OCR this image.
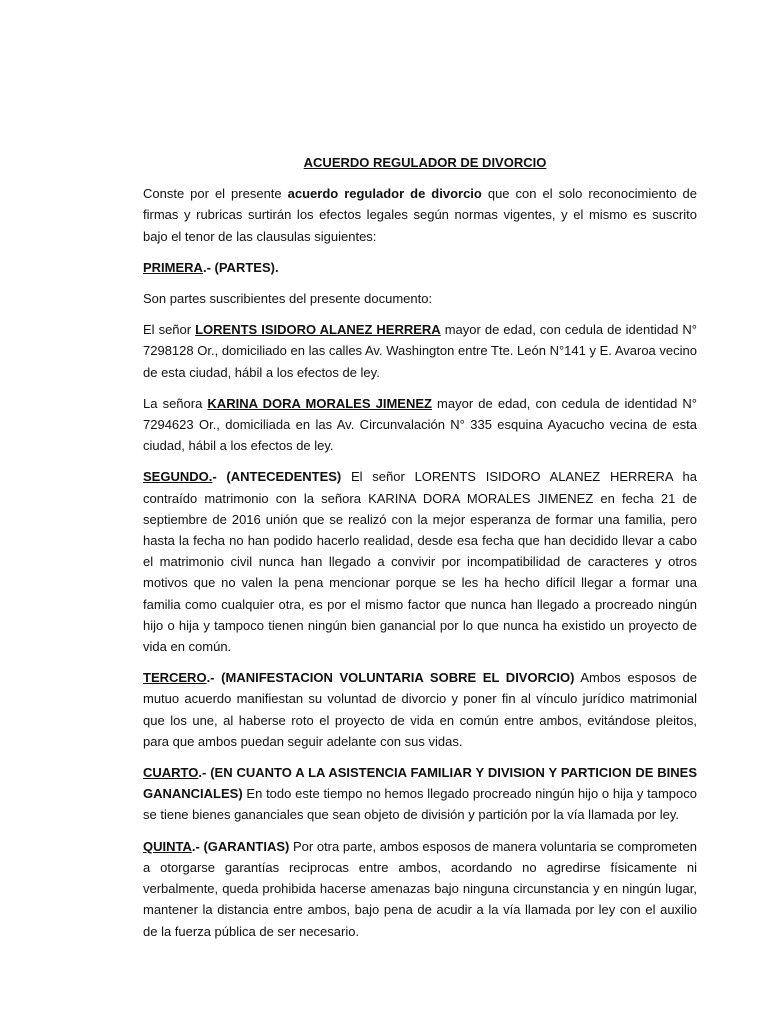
ACUERDO REGULADOR DE DIVORCIO

Conste por el presente acuerdo regulador de divorcio que con el solo reconocimiento de firmas y rubricas surtirán los efectos legales según normas vigentes, y el mismo es suscrito bajo el tenor de las clausulas siguientes:

PRIMERA.- (PARTES).

Son partes suscribientes del presente documento:

El señor LORENTS ISIDORO ALANEZ HERRERA mayor de edad, con cedula de identidad N° 7298128 Or., domiciliado en las calles Av. Washington entre Tte. León N°141 y E. Avaroa vecino de esta ciudad, hábil a los efectos de ley.

La señora KARINA DORA MORALES JIMENEZ mayor de edad, con cedula de identidad N° 7294623 Or., domiciliada en las Av. Circunvalación N° 335 esquina Ayacucho vecina de esta ciudad, hábil a los efectos de ley.

SEGUNDO.- (ANTECEDENTES) El señor LORENTS ISIDORO ALANEZ HERRERA ha contraído matrimonio con la señora KARINA DORA MORALES JIMENEZ en fecha 21 de septiembre de 2016 unión que se realizó con la mejor esperanza de formar una familia, pero hasta la fecha no han podido hacerlo realidad, desde esa fecha que han decidido llevar a cabo el matrimonio civil nunca han llegado a convivir por incompatibilidad de caracteres y otros motivos que no valen la pena mencionar porque se les ha hecho difícil llegar a formar una familia como cualquier otra, es por el mismo factor que nunca han llegado a procreado ningún hijo o hija y tampoco tienen ningún bien ganancial por lo que nunca ha existido un proyecto de vida en común.

TERCERO.- (MANIFESTACION VOLUNTARIA SOBRE EL DIVORCIO) Ambos esposos de mutuo acuerdo manifiestan su voluntad de divorcio y poner fin al vínculo jurídico matrimonial que los une, al haberse roto el proyecto de vida en común entre ambos, evitándose pleitos, para que ambos puedan seguir adelante con sus vidas.

CUARTO.- (EN CUANTO A LA ASISTENCIA FAMILIAR Y DIVISION Y PARTICION DE BINES GANANCIALES) En todo este tiempo no hemos llegado procreado ningún hijo o hija y tampoco se tiene bienes gananciales que sean objeto de división y partición por la vía llamada por ley.

QUINTA.- (GARANTIAS) Por otra parte, ambos esposos de manera voluntaria se comprometen a otorgarse garantías reciprocas entre ambos, acordando no agredirse físicamente ni verbalmente, queda prohibida hacerse amenazas bajo ninguna circunstancia y en ningún lugar, mantener la distancia entre ambos, bajo pena de acudir a la vía llamada por ley con el auxilio de la fuerza pública de ser necesario.
